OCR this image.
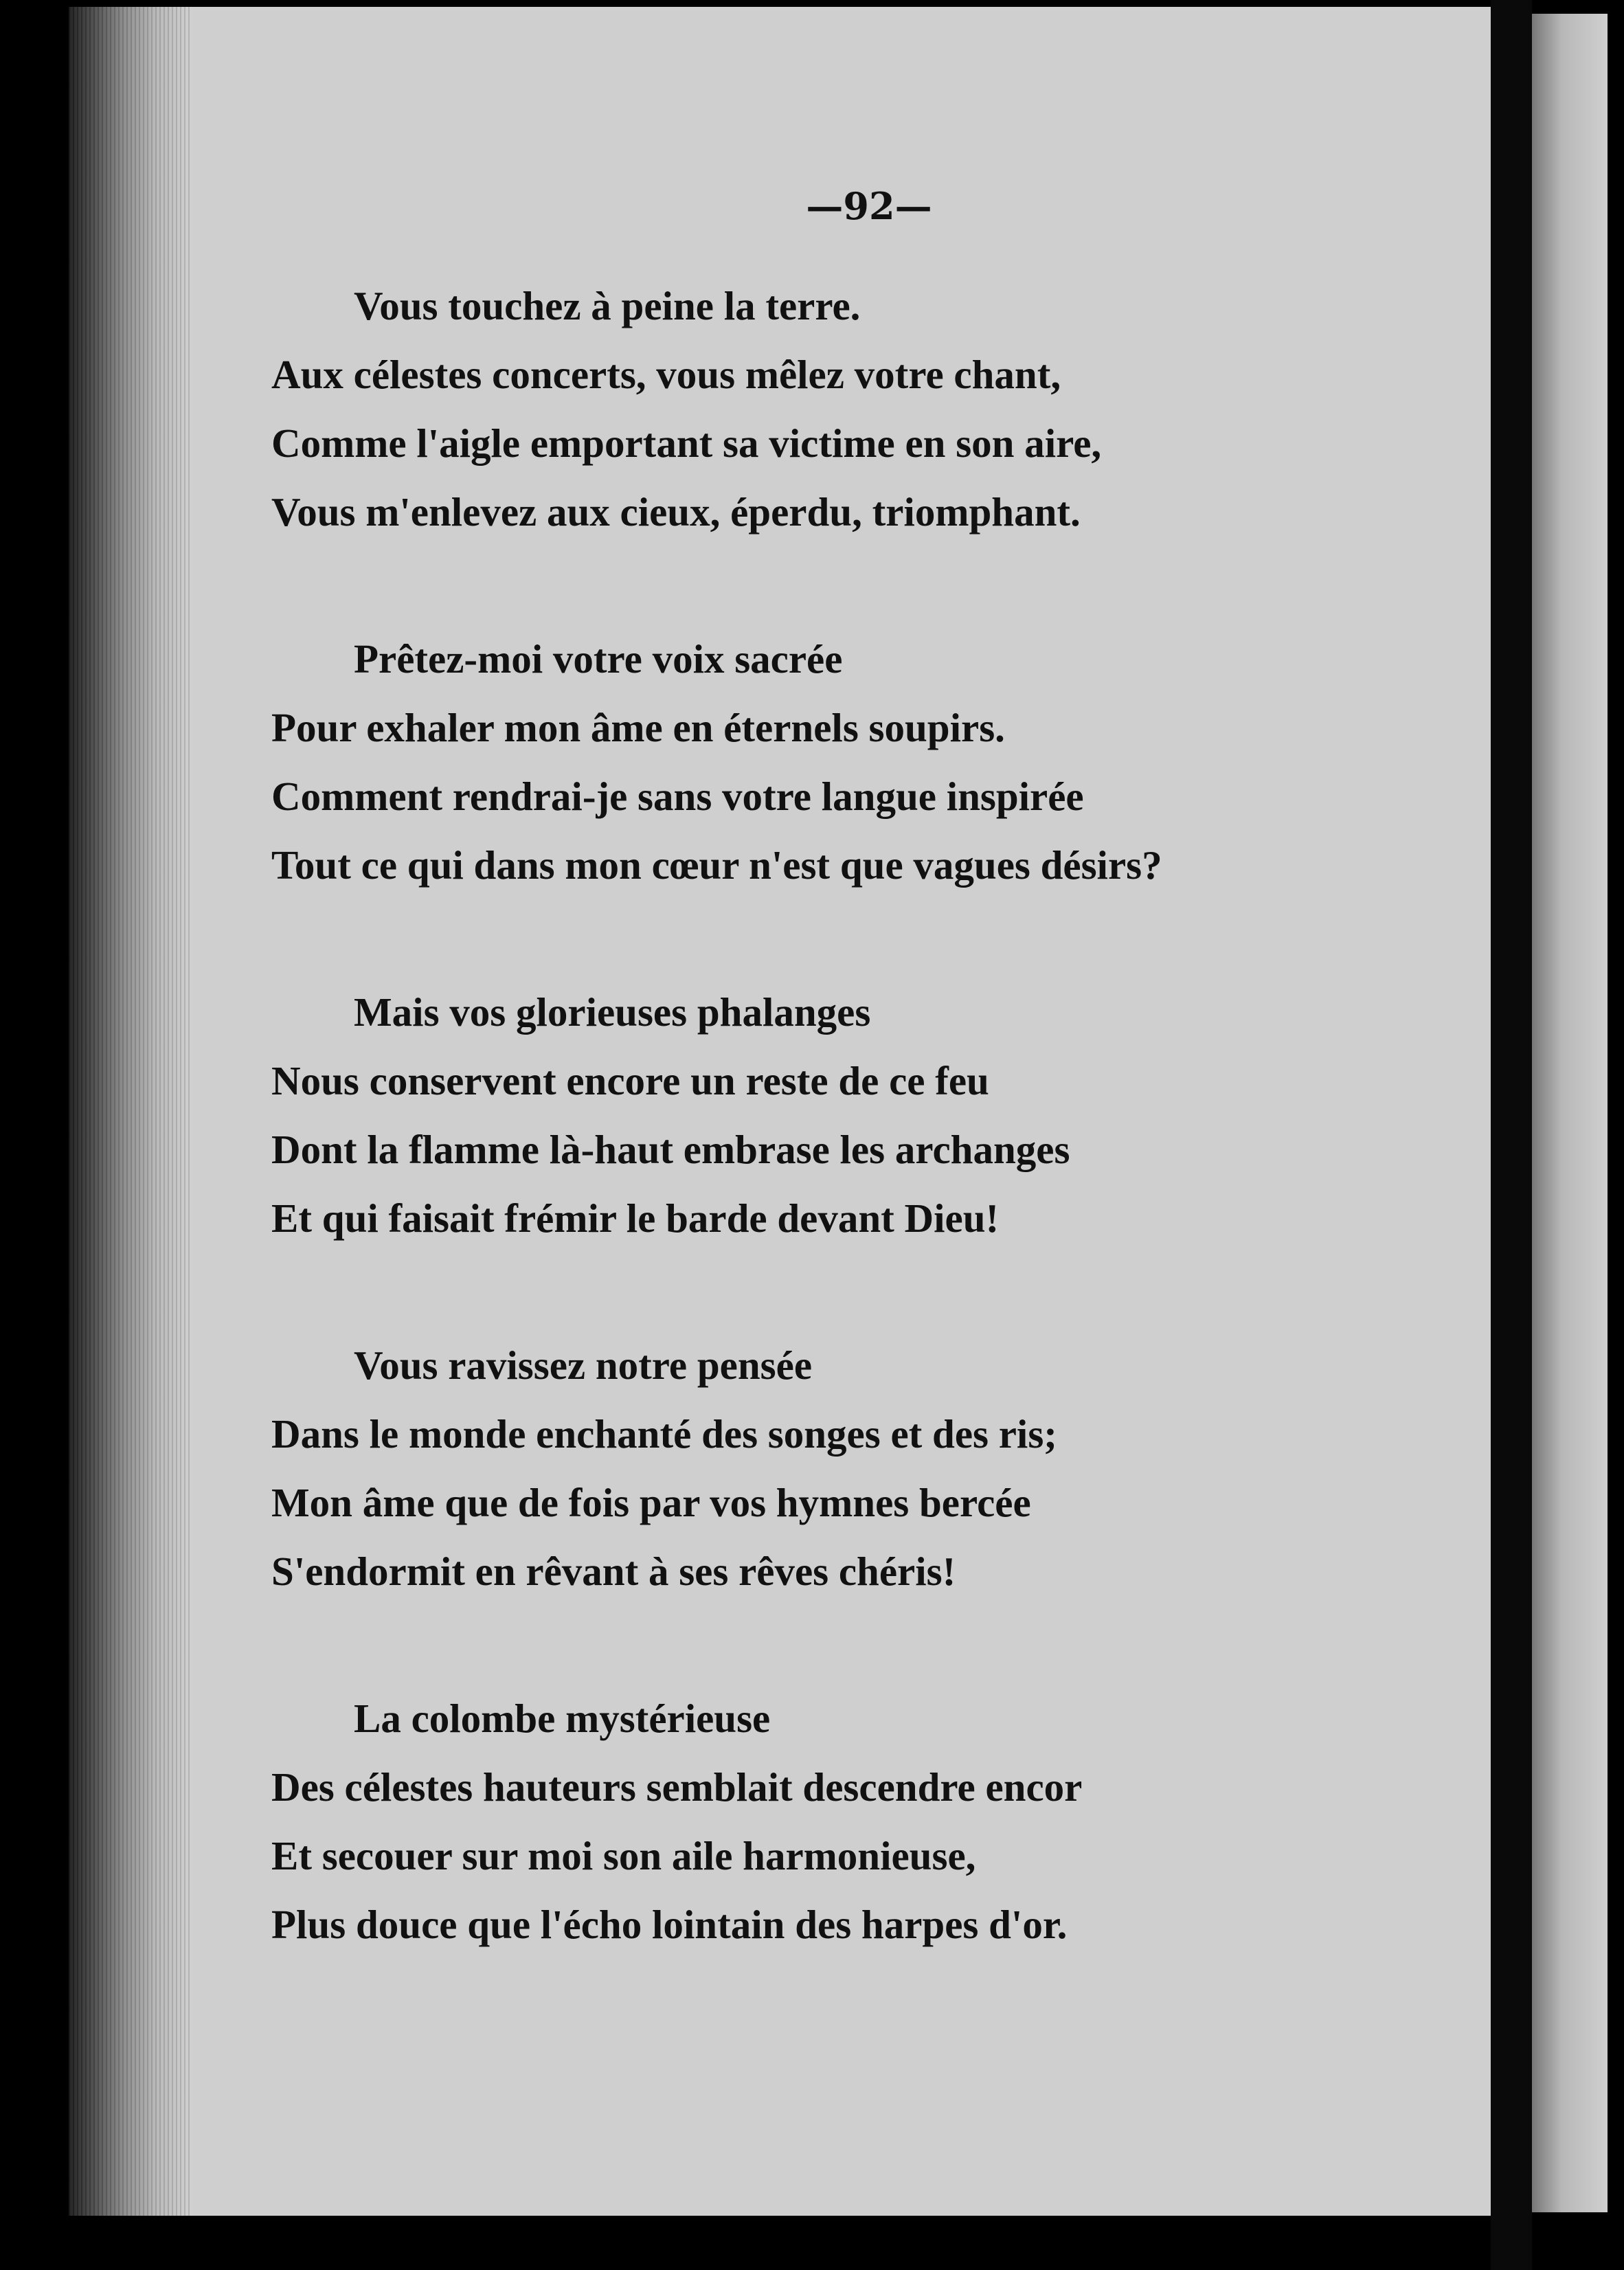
—92—

Vous touchez à peine la terre.
Aux célestes concerts, vous mêlez votre chant,
Comme l'aigle emportant sa victime en son aire,
Vous m'enlevez aux cieux, éperdu, triomphant.
Prêtez-moi votre voix sacrée
Pour exhaler mon âme en éternels soupirs.
Comment rendrai-je sans votre langue inspirée
Tout ce qui dans mon cœur n'est que vagues désirs?
Mais vos glorieuses phalanges
Nous conservent encore un reste de ce feu
Dont la flamme là-haut embrase les archanges
Et qui faisait frémir le barde devant Dieu!
Vous ravissez notre pensée
Dans le monde enchanté des songes et des ris;
Mon âme que de fois par vos hymnes bercée
S'endormit en rêvant à ses rêves chéris!
La colombe mystérieuse
Des célestes hauteurs semblait descendre encor
Et secouer sur moi son aile harmonieuse,
Plus douce que l'écho lointain des harpes d'or.
